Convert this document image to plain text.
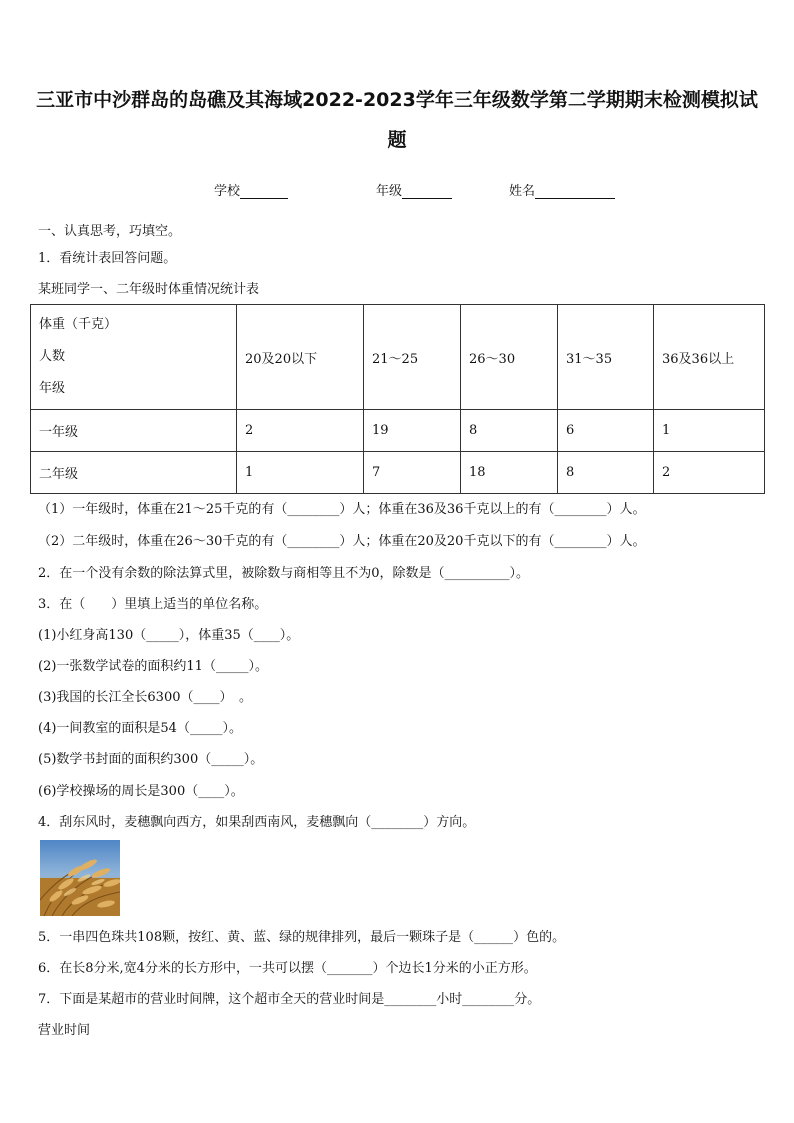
三亚市中沙群岛的岛礁及其海域2022-2023学年三年级数学第二学期期末检测模拟试
题
学校	年级	姓名
一、认真思考，巧填空。
1．看统计表回答问题。
某班同学一、二年级时体重情况统计表
体重（千克）
人数
年级	20及20以下	21～25	26～30	31～35	36及36以上
一年级	2	19	8	6	1
二年级	1	7	18	8	2
（1）一年级时，体重在21～25千克的有（________）人；体重在36及36千克以上的有（________）人。
（2）二年级时，体重在26～30千克的有（________）人；体重在20及20千克以下的有（________）人。
2．在一个没有余数的除法算式里，被除数与商相等且不为0，除数是（__________）。
3．在（　　）里填上适当的单位名称。
(1)小红身高130（_____），体重35（____）。
(2)一张数学试卷的面积约11（_____）。
(3)我国的长江全长6300（____）　。
(4)一间教室的面积是54（_____）。
(5)数学书封面的面积约300（_____）。
(6)学校操场的周长是300（____）。
4．刮东风时，麦穗飘向西方，如果刮西南风，麦穗飘向（________）方向。
5．一串四色珠共108颗，按红、黄、蓝、绿的规律排列，最后一颗珠子是（______）色的。
6．在长8分米,宽4分米的长方形中，一共可以摆（_______）个边长1分米的小正方形。
7．下面是某超市的营业时间牌，这个超市全天的营业时间是________小时________分。
营业时间
